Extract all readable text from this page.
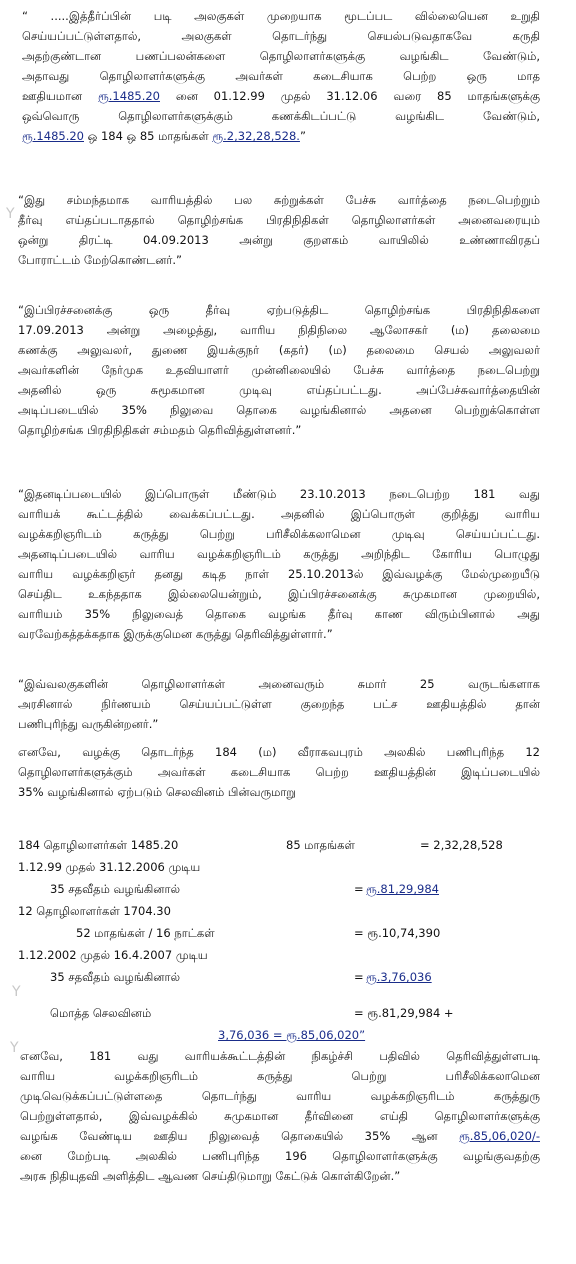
“ .....இத்தீர்ப்பின் படி அலகுகள் முறையாக மூடப்பட வில்லையென உறுதி
செய்யப்பட்டுள்ளதால், அலகுகள் தொடர்ந்து செயல்படுவதாகவே கருதி
அதற்குண்டான பணப்பலன்களை தொழிலாளர்களுக்கு வழங்கிட வேண்டும்,
அதாவது தொழிலாளர்களுக்கு அவர்கள் கடைசியாக பெற்ற ஒரு மாத
ஊதியமான ரூ.1485.20 னை 01.12.99 முதல் 31.12.06 வரை 85 மாதங்களுக்கு
ஒவ்வொரு தொழிலாளர்களுக்கும் கணக்கிடப்பட்டு வழங்கிட வேண்டும்,
ரூ.1485.20 ஒ 184 ஒ 85 மாதங்கள் ரூ.2,32,28,528.”
“இது சம்மந்தமாக வாரியத்தில் பல சுற்றுக்கள் பேச்சு வார்த்தை நடைபெற்றும்
தீர்வு எய்தப்படாததால் தொழிற்சங்க பிரதிநிதிகள் தொழிலாளர்கள் அனைவரையும்
ஒன்று திரட்டி 04.09.2013 அன்று குறளகம் வாயிலில் உண்ணாவிரதப்
போராட்டம் மேற்கொண்டனர்.”
“இப்பிரச்சனைக்கு ஒரு தீர்வு ஏற்படுத்திட தொழிற்சங்க பிரதிநிதிகளை
17.09.2013 அன்று அழைத்து, வாரிய நிதிநிலை ஆலோசகர் (ம) தலைமை
கணக்கு அலுவலர், துணை இயக்குநர் (கதர்) (ம) தலைமை செயல் அலுவலர்
அவர்களின் நேர்முக உதவியாளர் முன்னிலையில் பேச்சு வார்த்தை நடைபெற்று
அதனில் ஒரு சுமூகமான முடிவு எய்தப்பட்டது. அப்பேச்சுவார்த்தையின்
அடிப்படையில் 35% நிலுவை தொகை வழங்கினால் அதனை பெற்றுக்கொள்ள
தொழிற்சங்க பிரதிநிதிகள் சம்மதம் தெரிவித்துள்ளனர்.”
“இதனடிப்படையில் இப்பொருள் மீண்டும் 23.10.2013 நடைபெற்ற 181 வது
வாரியக் கூட்டத்தில் வைக்கப்பட்டது. அதனில் இப்பொருள் குறித்து வாரிய
வழக்கறிஞரிடம் கருத்து பெற்று பரிசீலிக்கலாமென முடிவு செய்யப்பட்டது.
அதனடிப்படையில் வாரிய வழக்கறிஞரிடம் கருத்து அறிந்திட கோரிய பொழுது
வாரிய வழக்கறிஞர் தனது கடித நாள் 25.10.2013ல் இவ்வழக்கு மேல்முறையீடு
செய்திட உகந்ததாக இல்லையென்றும், இப்பிரச்சனைக்கு சுமுகமான முறையில்,
வாரியம் 35% நிலுவைத் தொகை வழங்க தீர்வு காண விரும்பினால் அது
வரவேற்கத்தக்கதாக இருக்குமென கருத்து தெரிவித்துள்ளார்.”
“இவ்வலகுகளின் தொழிலாளர்கள் அனைவரும் சுமார் 25 வருடங்களாக
அரசினால் நிர்ணயம் செய்யப்பட்டுள்ள குறைந்த பட்ச ஊதியத்தில் தான்
பணிபுரிந்து வருகின்றனர்.”
எனவே, வழக்கு தொடர்ந்த 184 (ம) வீராகவபுரம் அலகில் பணிபுரிந்த 12
தொழிலாளர்களுக்கும் அவர்கள் கடைசியாக பெற்ற ஊதியத்தின் இடிப்படையில்
35% வழங்கினால் ஏற்படும் செலவினம் பின்வருமாறு
184 தொழிலாளர்கள் 1485.20	85 மாதங்கள்	= 2,32,28,528
1.12.99 முதல் 31.12.2006 முடிய
35 சதவீதம் வழங்கினால்	= ரூ.81,29,984
12 தொழிலாளர்கள் 1704.30
52 மாதங்கள் / 16 நாட்கள்	= ரூ.10,74,390
1.12.2002 முதல் 16.4.2007 முடிய
35 சதவீதம் வழங்கினால்	= ரூ.3,76,036
மொத்த செலவினம்	= ரூ.81,29,984 +
3,76,036 = ரூ.85,06,020”
எனவே, 181 வது வாரியக்கூட்டத்தின் நிகழ்ச்சி பதிவில் தெரிவித்துள்ளபடி
வாரிய வழக்கறிஞரிடம் கருத்து பெற்று பரிசீலிக்கலாமென
முடிவெடுக்கப்பட்டுள்ளதை தொடர்ந்து வாரிய வழக்கறிஞரிடம் கருத்துரு
பெற்றுள்ளதால், இவ்வழக்கில் சுமுகமான தீர்வினை எய்தி தொழிலாளர்களுக்கு
வழங்க வேண்டிய ஊதிய நிலுவைத் தொகையில் 35% ஆன ரூ.85,06,020/-
னை மேற்படி அலகில் பணிபுரிந்த 196 தொழிலாளர்களுக்கு வழங்குவதற்கு
அரசு நிதியுதவி அளித்திட ஆவண செய்திடுமாறு கேட்டுக் கொள்கிறேன்.”
Y
Y
Y
